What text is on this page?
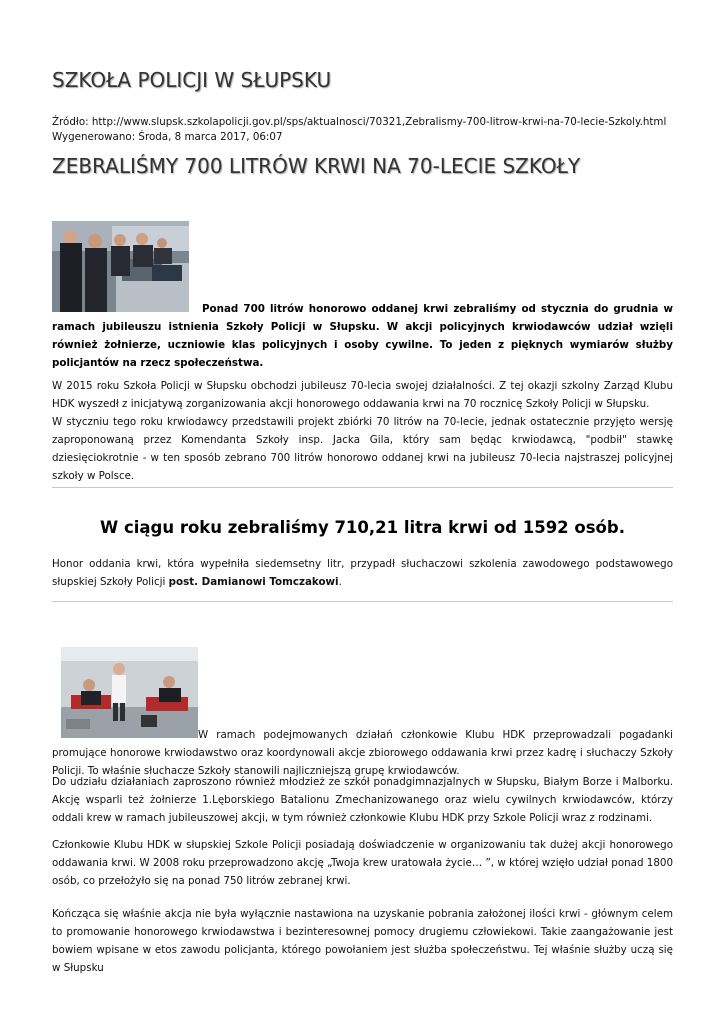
SZKOŁA POLICJI W SŁUPSKU
Źródło: http://www.slupsk.szkolapolicji.gov.pl/sps/aktualnosci/70321,Zebralismy-700-litrow-krwi-na-70-lecie-Szkoly.html
Wygenerowano: Środa, 8 marca 2017, 06:07
ZEBRALIŚMY 700 LITRÓW KRWI NA 70-LECIE SZKOŁY
Ponad 700 litrów honorowo oddanej krwi zebraliśmy od stycznia do grudnia w ramach jubileuszu istnienia Szkoły Policji w Słupsku. W akcji policyjnych krwiodawców udział wzięli również żołnierze, uczniowie klas policyjnych i osoby cywilne. To jeden z pięknych wymiarów służby policjantów na rzecz społeczeństwa.

W 2015 roku Szkoła Policji w Słupsku obchodzi jubileusz 70-lecia swojej działalności. Z tej okazji szkolny Zarząd Klubu HDK wyszedł z inicjatywą zorganizowania akcji honorowego oddawania krwi na 70 rocznicę Szkoły Policji w Słupsku.

W styczniu tego roku krwiodawcy przedstawili projekt zbiórki 70 litrów na 70-lecie, jednak ostatecznie przyjęto wersję zaproponowaną przez Komendanta Szkoły insp. Jacka Gila, który sam będąc krwiodawcą, "podbił" stawkę dziesięciokrotnie - w ten sposób zebrano 700 litrów honorowo oddanej krwi na jubileusz 70-lecia najstraszej policyjnej szkoły w Polsce.

W ciągu roku zebraliśmy 710,21 litra krwi od 1592 osób.

Honor oddania krwi, która wypełniła siedemsetny litr, przypadł słuchaczowi szkolenia zawodowego podstawowego słupskiej Szkoły Policji post. Damianowi Tomczakowi.

W ramach podejmowanych działań członkowie Klubu HDK przeprowadzali pogadanki promujące honorowe krwiodawstwo oraz koordynowali akcje zbiorowego oddawania krwi przez kadrę i słuchaczy Szkoły Policji. To właśnie słuchacze Szkoły stanowili najliczniejszą grupę krwiodawców.
Do udziału działaniach zaproszono również młodzież ze szkół ponadgimnazjalnych w Słupsku, Białym Borze i Malborku. Akcję wsparli też żołnierze 1.Lęborskiego Batalionu Zmechanizowanego oraz wielu cywilnych krwiodawców, którzy oddali krew w ramach jubileuszowej akcji, w tym również członkowie Klubu HDK przy Szkole Policji wraz z rodzinami.
Członkowie Klubu HDK w słupskiej Szkole Policji posiadają doświadczenie w organizowaniu tak dużej akcji honorowego oddawania krwi. W 2008 roku przeprowadzono akcję „Twoja krew uratowała życie… ”, w której wzięło udział ponad 1800 osób, co przełożyło się na ponad 750 litrów zebranej krwi.
Kończąca się właśnie akcja nie była wyłącznie nastawiona na uzyskanie pobrania założonej ilości krwi - głównym celem to promowanie honorowego krwiodawstwa i bezinteresownej pomocy drugiemu człowiekowi. Takie zaangażowanie jest bowiem wpisane w etos zawodu policjanta, którego powołaniem jest służba społeczeństwu. Tej właśnie służby uczą się w Słupsku
